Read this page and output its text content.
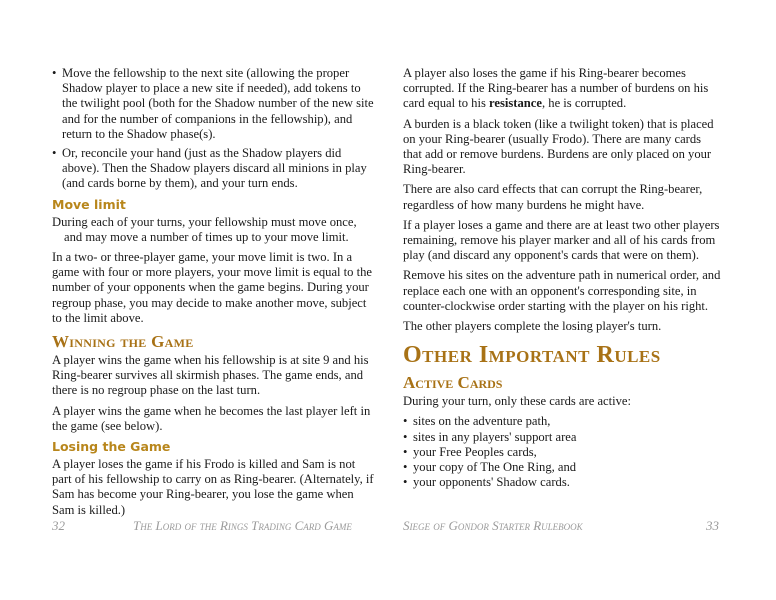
• Move the fellowship to the next site (allowing the proper Shadow player to place a new site if needed), add tokens to the twilight pool (both for the Shadow number of the new site and for the number of companions in the fellowship), and return to the Shadow phase(s).
• Or, reconcile your hand (just as the Shadow players did above). Then the Shadow players discard all minions in play (and cards borne by them), and your turn ends.
Move limit

During each of your turns, your fellowship must move once, and may move a number of times up to your move limit.

In a two- or three-player game, your move limit is two. In a game with four or more players, your move limit is equal to the number of your opponents when the game begins. During your regroup phase, you may decide to make another move, subject to the limit above.

Winning the Game

A player wins the game when his fellowship is at site 9 and his Ring-bearer survives all skirmish phases. The game ends, and there is no regroup phase on the last turn.

A player wins the game when he becomes the last player left in the game (see below).

Losing the Game

A player loses the game if his Frodo is killed and Sam is not part of his fellowship to carry on as Ring-bearer. (Alternately, if Sam has become your Ring-bearer, you lose the game when Sam is killed.)

A player also loses the game if his Ring-bearer becomes corrupted. If the Ring-bearer has a number of burdens on his card equal to his resistance, he is corrupted.

A burden is a black token (like a twilight token) that is placed on your Ring-bearer (usually Frodo). There are many cards that add or remove burdens. Burdens are only placed on your Ring-bearer.

There are also card effects that can corrupt the Ring-bearer, regardless of how many burdens he might have.

If a player loses a game and there are at least two other players remaining, remove his player marker and all of his cards from play (and discard any opponent's cards that were on them).

Remove his sites on the adventure path in numerical order, and replace each one with an opponent's corresponding site, in counter-clockwise order starting with the player on his right.

The other players complete the losing player's turn.

Other Important Rules
Active Cards

During your turn, only these cards are active:

• sites on the adventure path,
• sites in any players' support area
• your Free Peoples cards,
• your copy of The One Ring, and
• your opponents' Shadow cards.
32	The Lord of the Rings Trading Card Game	Siege of Gondor Starter Rulebook	33
